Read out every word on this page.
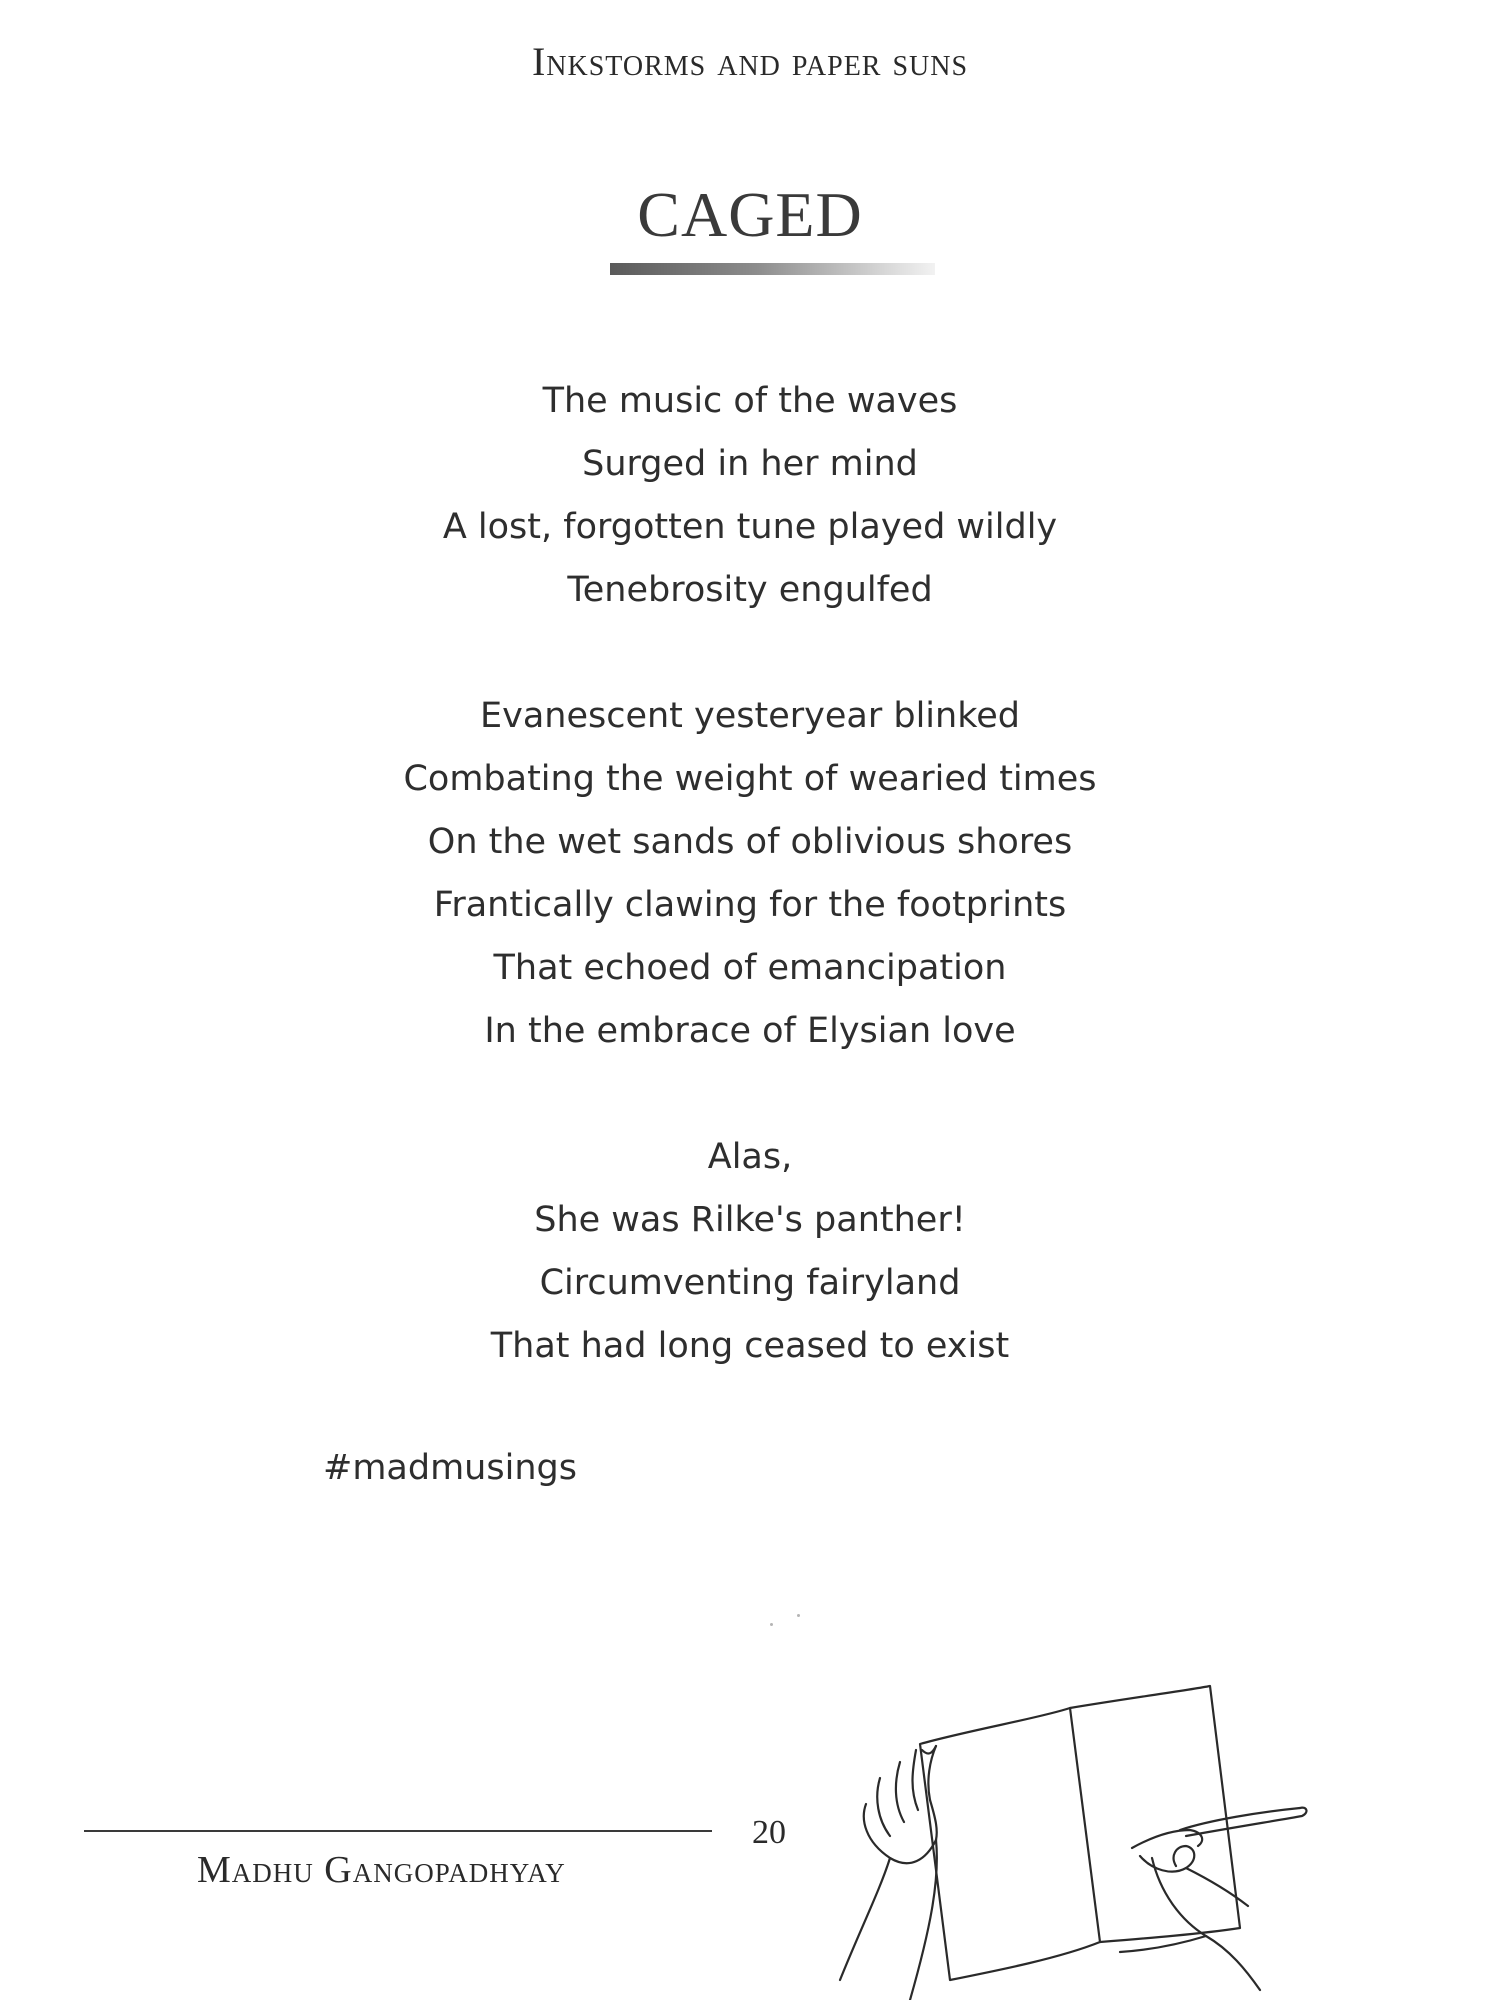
Inkstorms and paper suns
CAGED
The music of the waves
Surged in her mind
A lost, forgotten tune played wildly
Tenebrosity engulfed
Evanescent yesteryear blinked
Combating the weight of wearied times
On the wet sands of oblivious shores
Frantically clawing for the footprints
That echoed of emancipation
In the embrace of Elysian love
Alas,
She was Rilke's panther!
Circumventing fairyland
That had long ceased to exist
#madmusings
20
Madhu Gangopadhyay
